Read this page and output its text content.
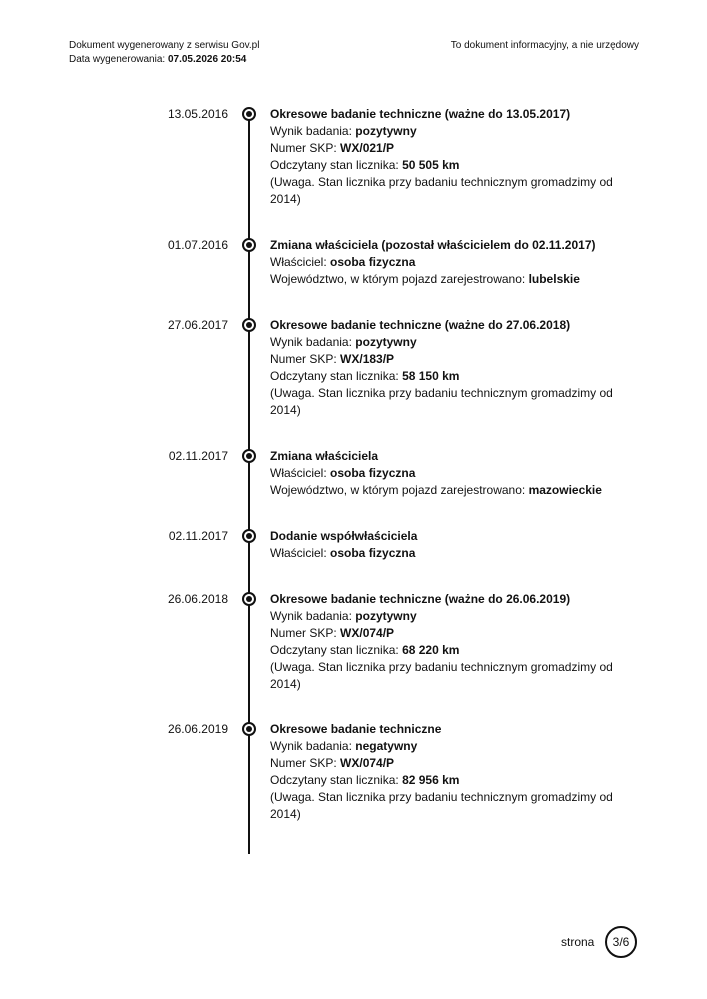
Dokument wygenerowany z serwisu Gov.pl
Data wygenerowania: 07.05.2026 20:54
To dokument informacyjny, a nie urzędowy
13.05.2016	Okresowe badanie techniczne (ważne do 13.05.2017)
Wynik badania: pozytywny
Numer SKP: WX/021/P
Odczytany stan licznika: 50 505 km
(Uwaga. Stan licznika przy badaniu technicznym gromadzimy od 2014)
01.07.2016	Zmiana właściciela (pozostał właścicielem do 02.11.2017)
Właściciel: osoba fizyczna
Województwo, w którym pojazd zarejestrowano: lubelskie
27.06.2017	Okresowe badanie techniczne (ważne do 27.06.2018)
Wynik badania: pozytywny
Numer SKP: WX/183/P
Odczytany stan licznika: 58 150 km
(Uwaga. Stan licznika przy badaniu technicznym gromadzimy od 2014)
02.11.2017	Zmiana właściciela
Właściciel: osoba fizyczna
Województwo, w którym pojazd zarejestrowano: mazowieckie
02.11.2017	Dodanie współwłaściciela
Właściciel: osoba fizyczna
26.06.2018	Okresowe badanie techniczne (ważne do 26.06.2019)
Wynik badania: pozytywny
Numer SKP: WX/074/P
Odczytany stan licznika: 68 220 km
(Uwaga. Stan licznika przy badaniu technicznym gromadzimy od 2014)
26.06.2019	Okresowe badanie techniczne
Wynik badania: negatywny
Numer SKP: WX/074/P
Odczytany stan licznika: 82 956 km
(Uwaga. Stan licznika przy badaniu technicznym gromadzimy od 2014)
strona	3/6
